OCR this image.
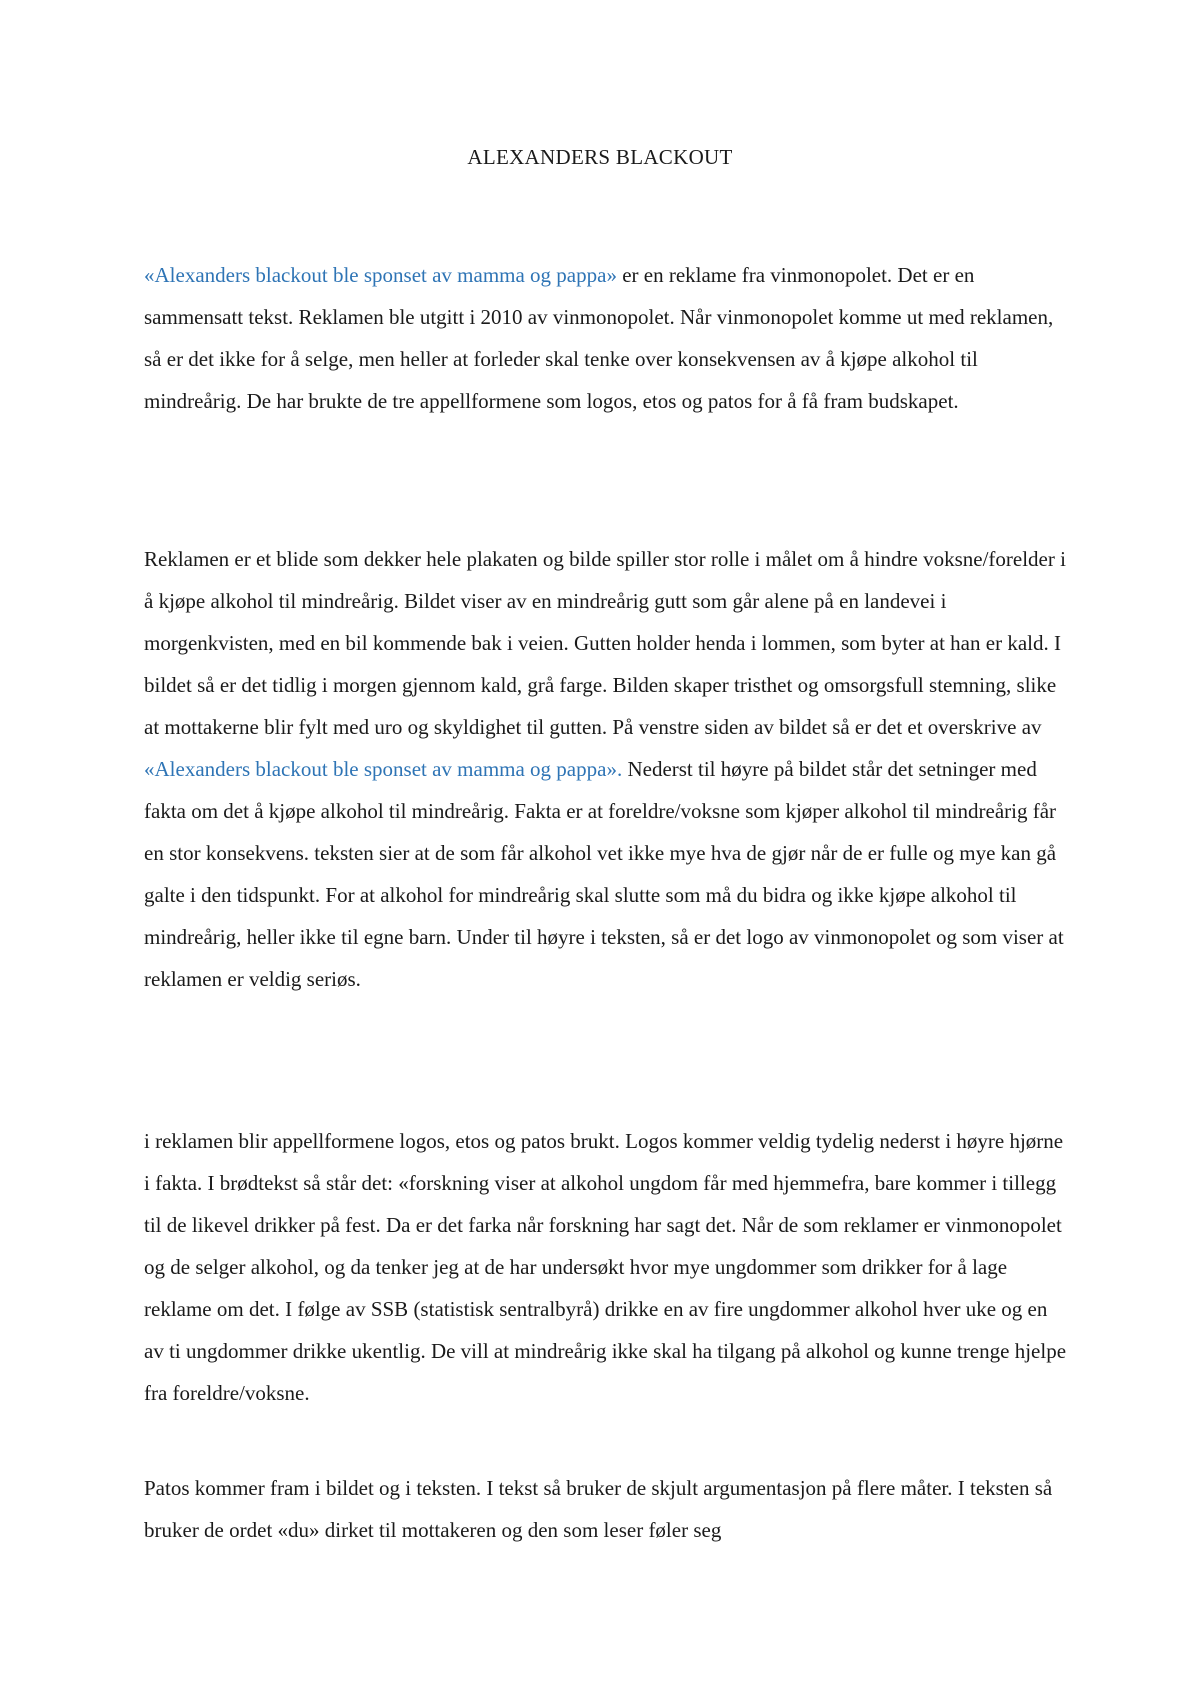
ALEXANDERS BLACKOUT

«Alexanders blackout ble sponset av mamma og pappa» er en reklame fra vinmonopolet. Det er en sammensatt tekst. Reklamen ble utgitt i 2010 av vinmonopolet. Når vinmonopolet komme ut med reklamen, så er det ikke for å selge, men heller at forleder skal tenke over konsekvensen av å kjøpe alkohol til mindreårig. De har brukte de tre appellformene som logos, etos og patos for å få fram budskapet.

Reklamen er et blide som dekker hele plakaten og bilde spiller stor rolle i målet om å hindre voksne/forelder i å kjøpe alkohol til mindreårig. Bildet viser av en mindreårig gutt som går alene på en landevei i morgenkvisten, med en bil kommende bak i veien. Gutten holder henda i lommen, som byter at han er kald. I bildet så er det tidlig i morgen gjennom kald, grå farge. Bilden skaper tristhet og omsorgsfull stemning, slike at mottakerne blir fylt med uro og skyldighet til gutten. På venstre siden av bildet så er det et overskrive av «Alexanders blackout ble sponset av mamma og pappa». Nederst til høyre på bildet står det setninger med fakta om det å kjøpe alkohol til mindreårig. Fakta er at foreldre/voksne som kjøper alkohol til mindreårig får en stor konsekvens. teksten sier at de som får alkohol vet ikke mye hva de gjør når de er fulle og mye kan gå galte i den tidspunkt. For at alkohol for mindreårig skal slutte som må du bidra og ikke kjøpe alkohol til mindreårig, heller ikke til egne barn. Under til høyre i teksten, så er det logo av vinmonopolet og som viser at reklamen er veldig seriøs.

i reklamen blir appellformene logos, etos og patos brukt. Logos kommer veldig tydelig nederst i høyre hjørne i fakta. I brødtekst så står det: «forskning viser at alkohol ungdom får med hjemmefra, bare kommer i tillegg til de likevel drikker på fest. Da er det farka når forskning har sagt det. Når de som reklamer er vinmonopolet og de selger alkohol, og da tenker jeg at de har undersøkt hvor mye ungdommer som drikker for å lage reklame om det. I følge av SSB (statistisk sentralbyrå) drikke en av fire ungdommer alkohol hver uke og en av ti ungdommer drikke ukentlig. De vill at mindreårig ikke skal ha tilgang på alkohol og kunne trenge hjelpe fra foreldre/voksne.

Patos kommer fram i bildet og i teksten. I tekst så bruker de skjult argumentasjon på flere måter. I teksten så bruker de ordet «du» dirket til mottakeren og den som leser føler seg
